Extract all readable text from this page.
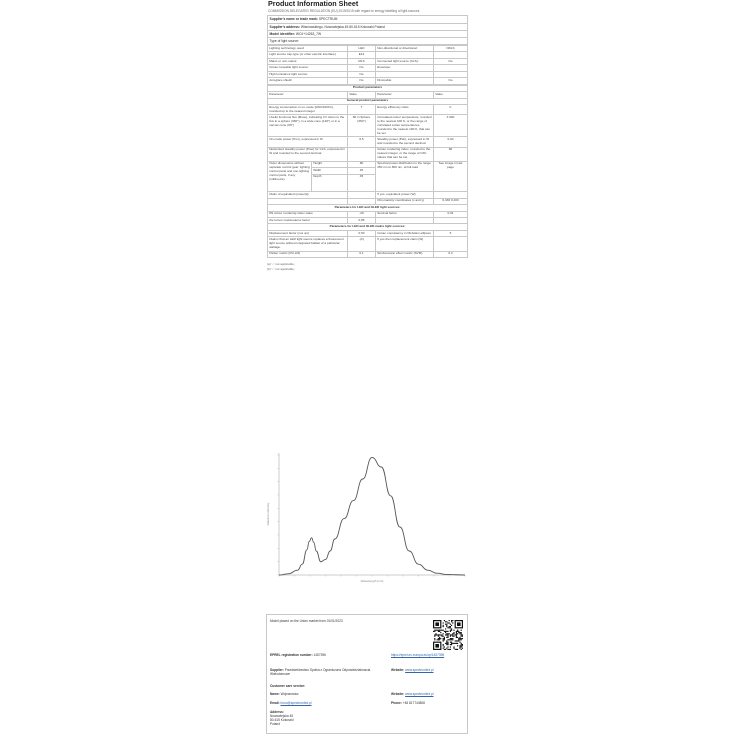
Product Information Sheet
COMMISSION DELEGATED REGULATION (EU) 2019/2015 with regard to energy labelling of light sources
Supplier's name or trade mark: SPECTRUM
Supplier's address: Wisniowskiego, Nowowiejska 45 80-615 Kokoszki Poland
Model identifier: WOJ+14263_7W
Type of light source:
Lighting technology used:	LED	Non-directional or directional:	NDLS
Light source cap-type (or other electric interface)	E14		
Mains or non-mains:	MLS	Connected light source (CLS):	No
Colour-tuneable light source:	No	Envelope:	
High luminance light source:	No		
Anti-glare shield:	No	Dimmable:	No
Product parameters				
Parameter		Value	Parameter	Value
General product parameters				
Energy consumption in on-mode (kWh/1000 h), rounded up to the nearest integer		7	Energy efficiency class	F
Useful luminous flux (Φuse), indicating if it refers to the flux in a sphere (360°), in a wide cone (120°) or in a narrow cone (90°)		80 in Sphere (360°)	Correlated colour temperature, rounded to the nearest 100 K, or the range of correlated colour temperatures, rounded to the nearest 100 K, that can be set	3 000
On-mode power (Pon), expressed in W		6,5	Standby power (Psb), expressed in W and rounded to the second decimal	0,00
Networked standby power (Pnet) for CLS, expressed in W and rounded to the second decimal			Colour rendering index, rounded to the nearest integer, or the range of CRI-values that can be set	80
Outer dimensions without separate control gear, lighting control parts and non-lighting control parts, if any (millimetre)	Height	80	Spectral power distribution in the range 250 nm to 800 nm, at full-load	See image in last page
	Width	45		
	Depth	45		
Claim of equivalent power(a)			If yes, equivalent power (W)	
			Chromaticity coordinates (x and y)	0,436 0,403
Parameters for LED and OLED light sources:				
R9 colour rendering index value		-20	Survival factor	0,91
the lumen maintenance factor		0,86		
Parameters for LED and OLED mains light sources:				
Displacement factor (cos φ1)		0,50	Colour consistency in McAdam ellipses	5
Claims that an LED light source replaces a fluorescent light source without integrated ballast of a particular wattage.		-(b)	If yes then replacement claim (W)	
Flicker metric (Pst LM)		0,1	Stroboscopic effect metric (SVM)	0,4
(a) '-': not applicable;
(b) '-': not applicable;
Relative intensity
Wavelength (nm)
Model placed on the Union market from 01/01/2023
EPREL registration number: 1457396	https://eprel.ec.europa.eu/qr/1457396
Supplier: Przedsiebiorstwo Spolka z Ograniczona Odpowiedzialnoscia Wielodomowe
Website: www.spectrumled.pl
Customer care service:
Name: Wojnarowicz	Website: www.spectrumled.pl
Email: biuro@spectrumled.pl	Phone: +48 817744808
Address:
Nowowiejska 45
80-615 Kokoszki
Poland
